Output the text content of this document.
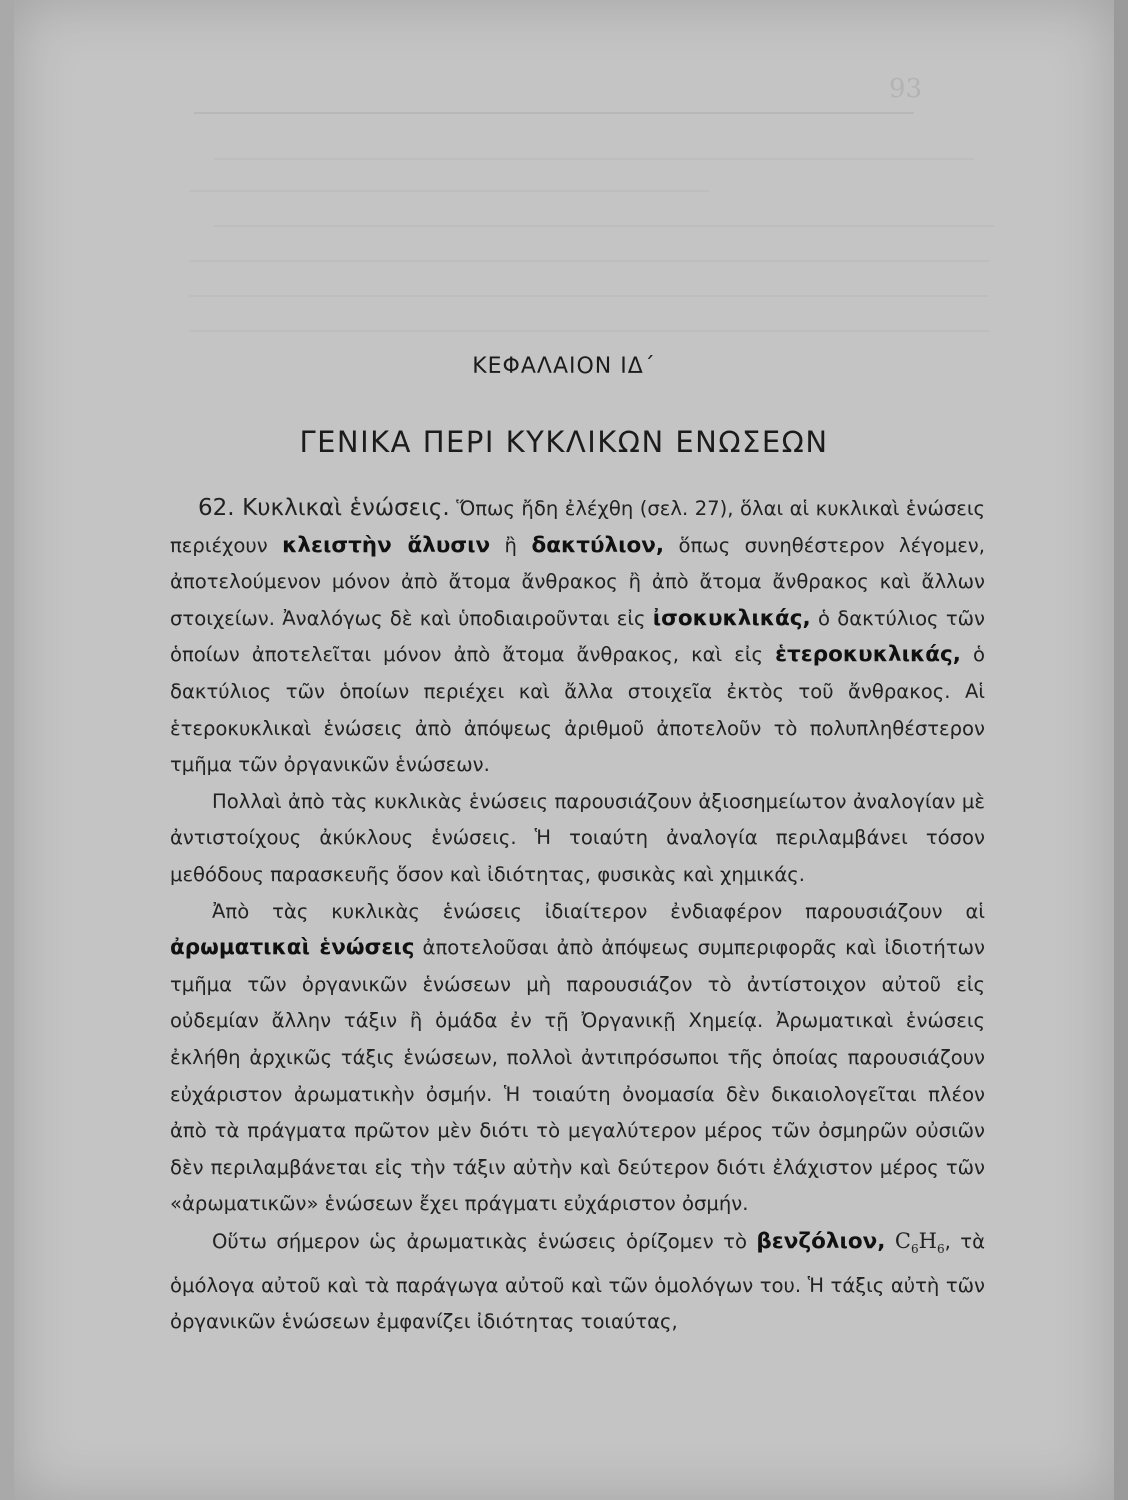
93
ΚΕΦΑΛΑΙΟΝ ΙΔ΄
ΓΕΝΙΚΑ ΠΕΡΙ ΚΥΚΛΙΚΩΝ ΕΝΩΣΕΩΝ

62. Κυκλικαὶ ἑνώσεις. Ὅπως ἤδη ἐλέχθη (σελ. 27), ὅλαι αἱ κυκλικαὶ ἑνώσεις περιέχουν κλειστὴν ἅλυσιν ἢ δακτύλιον, ὅπως συνηθέστερον λέγομεν, ἀποτελούμενον μόνον ἀπὸ ἄτομα ἄνθρακος ἢ ἀπὸ ἄτομα ἄνθρακος καὶ ἄλλων στοιχείων. Ἀναλόγως δὲ καὶ ὑποδιαιροῦνται εἰς ἰσοκυκλικάς, ὁ δακτύλιος τῶν ὁποίων ἀποτελεῖται μόνον ἀπὸ ἄτομα ἄνθρακος, καὶ εἰς ἑτεροκυκλικάς, ὁ δακτύλιος τῶν ὁποίων περιέχει καὶ ἄλλα στοιχεῖα ἐκτὸς τοῦ ἄνθρακος. Αἱ ἑτεροκυκλικαὶ ἑνώσεις ἀπὸ ἀπόψεως ἀριθμοῦ ἀποτελοῦν τὸ πολυπληθέστερον τμῆμα τῶν ὀργανικῶν ἑνώσεων.

Πολλαὶ ἀπὸ τὰς κυκλικὰς ἑνώσεις παρουσιάζουν ἀξιοσημείωτον ἀναλογίαν μὲ ἀντιστοίχους ἀκύκλους ἑνώσεις. Ἡ τοιαύτη ἀναλογία περιλαμβάνει τόσον μεθόδους παρασκευῆς ὅσον καὶ ἰδιότητας, φυσικὰς καὶ χημικάς.

Ἀπὸ τὰς κυκλικὰς ἑνώσεις ἰδιαίτερον ἐνδιαφέρον παρουσιάζουν αἱ ἀρωματικαὶ ἑνώσεις ἀποτελοῦσαι ἀπὸ ἀπόψεως συμπεριφορᾶς καὶ ἰδιοτήτων τμῆμα τῶν ὀργανικῶν ἑνώσεων μὴ παρουσιάζον τὸ ἀντίστοιχον αὐτοῦ εἰς οὐδεμίαν ἄλλην τάξιν ἢ ὁμάδα ἐν τῇ Ὀργανικῇ Χημείᾳ. Ἀρωματικαὶ ἑνώσεις ἐκλήθη ἀρχικῶς τάξις ἑνώσεων, πολλοὶ ἀντιπρόσωποι τῆς ὁποίας παρουσιάζουν εὐχάριστον ἀρωματικὴν ὀσμήν. Ἡ τοιαύτη ὀνομασία δὲν δικαιολογεῖται πλέον ἀπὸ τὰ πράγματα πρῶτον μὲν διότι τὸ μεγαλύτερον μέρος τῶν ὀσμηρῶν οὐσιῶν δὲν περιλαμβάνεται εἰς τὴν τάξιν αὐτὴν καὶ δεύτερον διότι ἐλάχιστον μέρος τῶν «ἀρωματικῶν» ἑνώσεων ἔχει πράγματι εὐχάριστον ὀσμήν.

Οὕτω σήμερον ὡς ἀρωματικὰς ἑνώσεις ὁρίζομεν τὸ βενζόλιον, $C_6H_6$, τὰ ὁμόλογα αὐτοῦ καὶ τὰ παράγωγα αὐτοῦ καὶ τῶν ὁμολόγων του. Ἡ τάξις αὐτὴ τῶν ὀργανικῶν ἑνώσεων ἐμφανίζει ἰδιότητας τοιαύτας,
